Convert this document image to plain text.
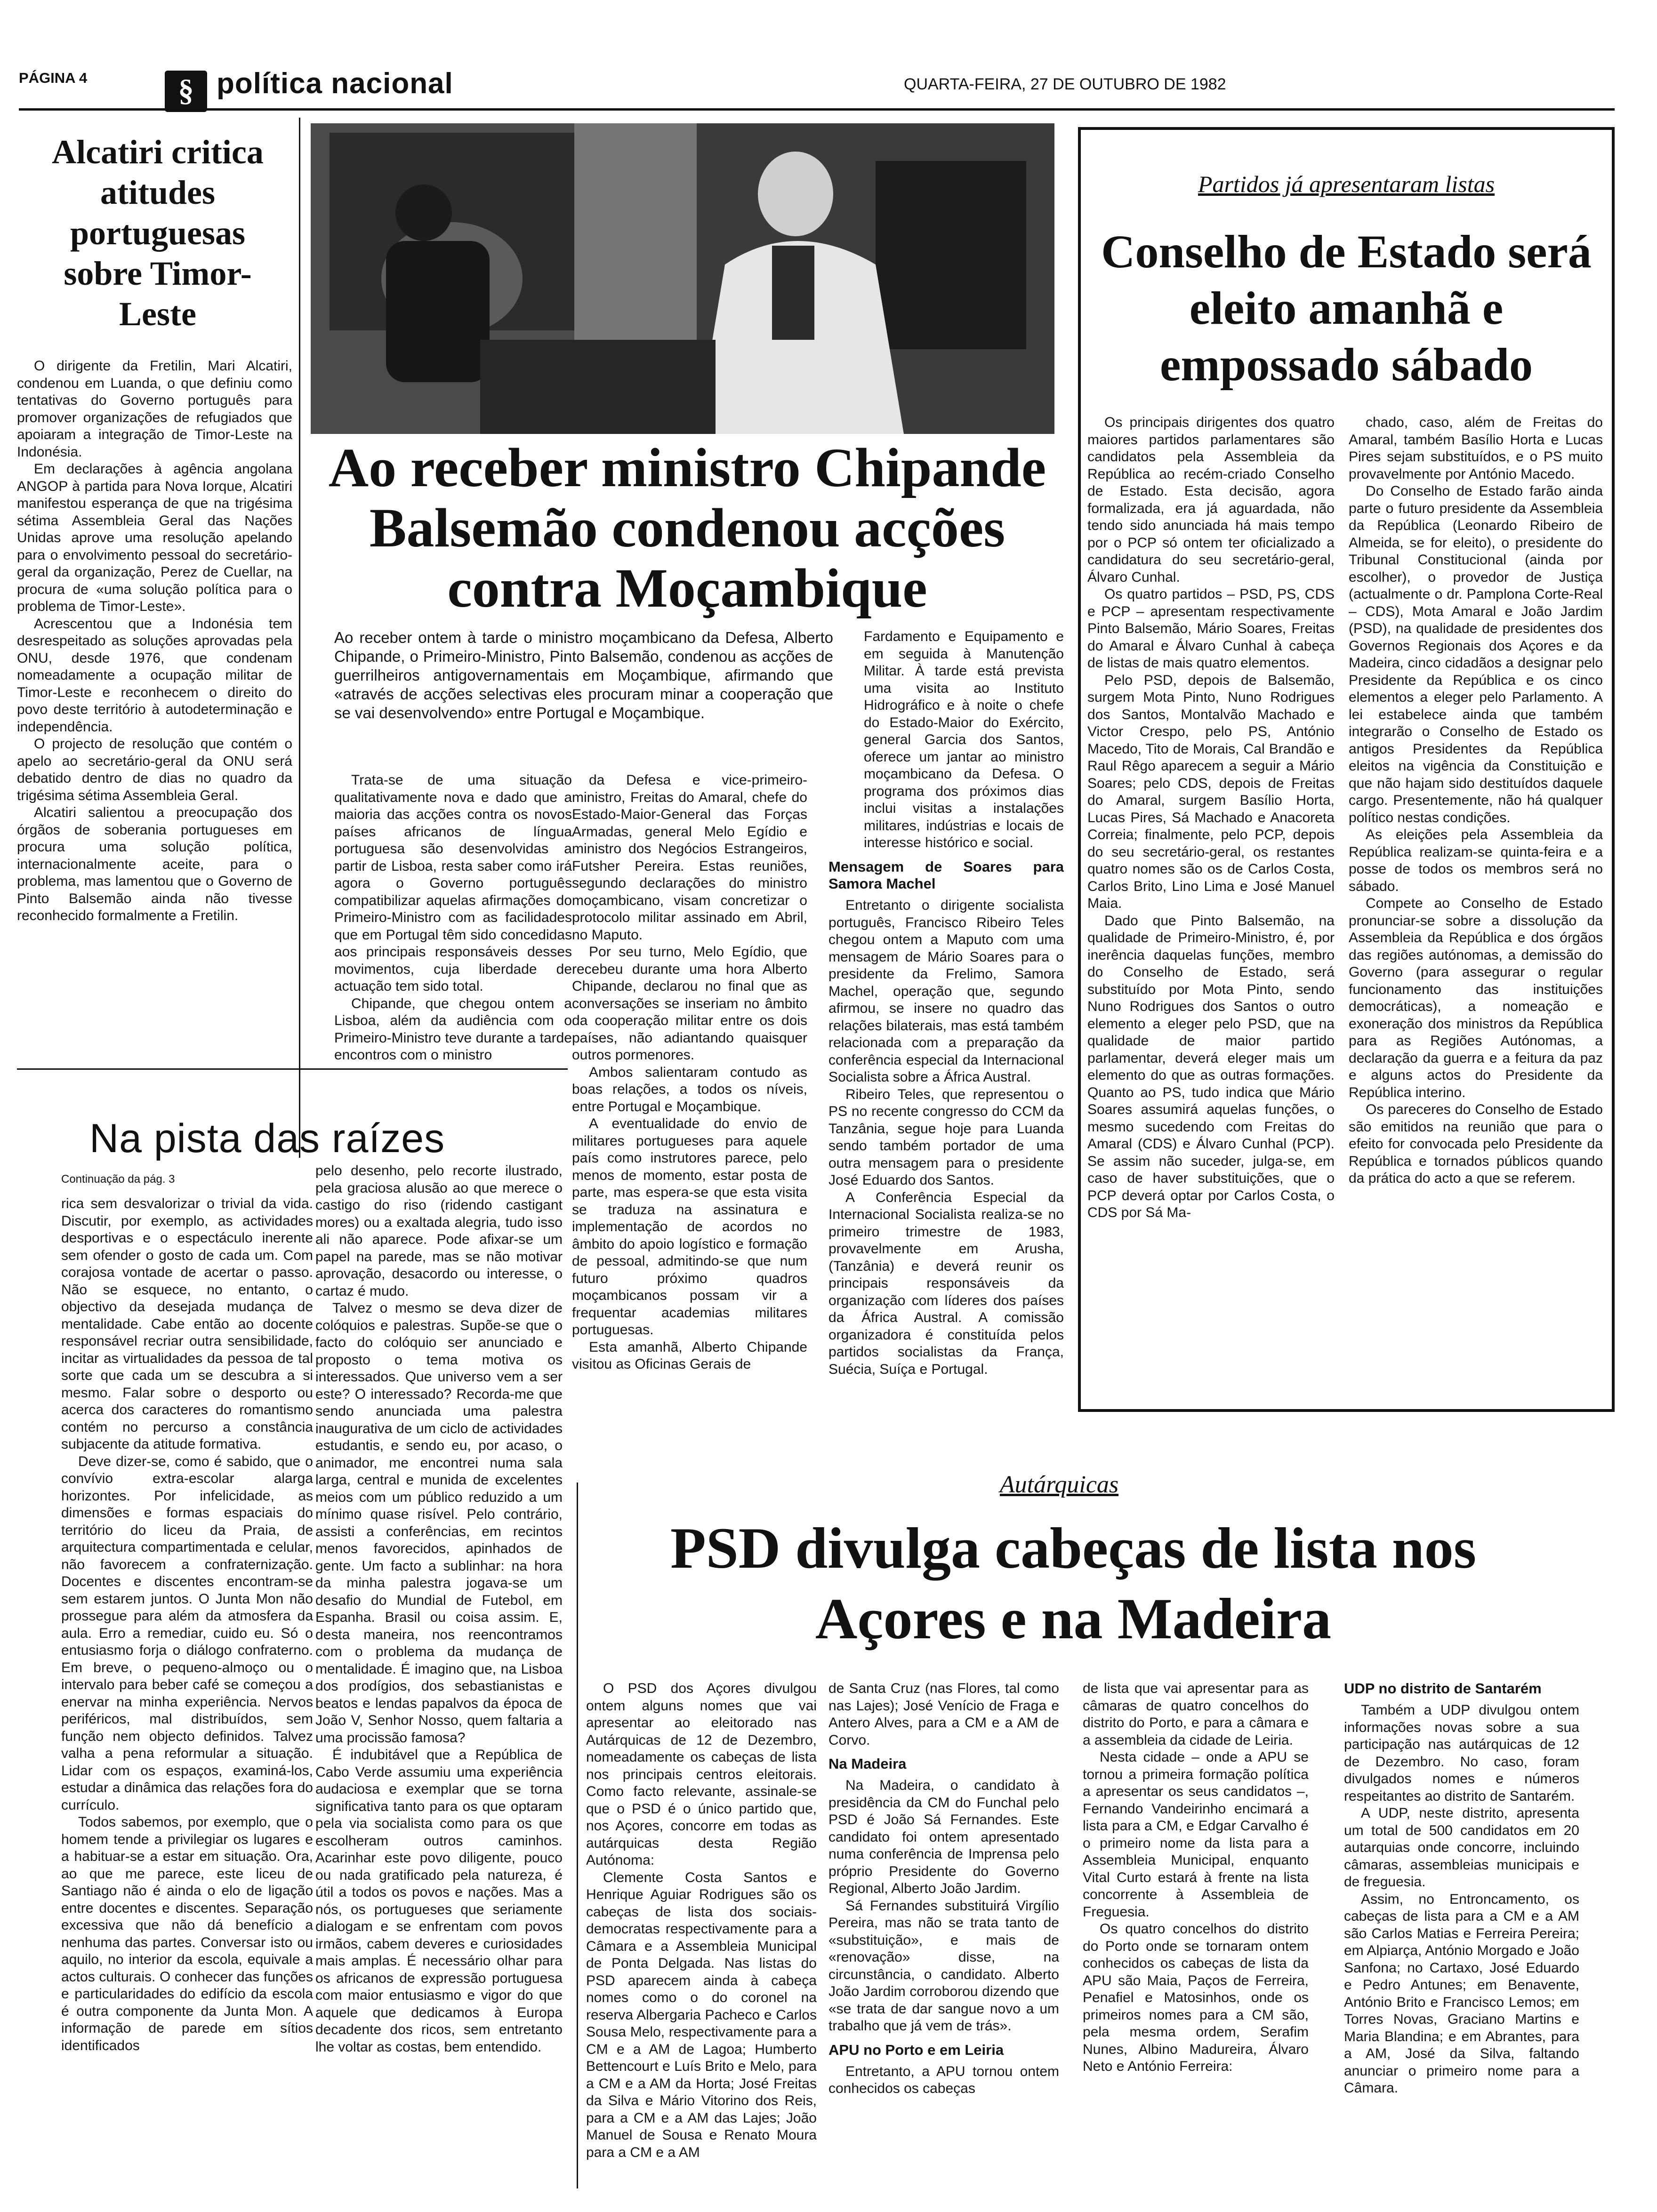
PÁGINA 4	§ política nacional	QUARTA-FEIRA, 27 DE OUTUBRO DE 1982
Alcatiri critica atitudes portuguesas sobre Timor-Leste

O dirigente da Fretilin, Mari Alcatiri, condenou em Luanda, o que definiu como tentativas do Governo português para promover organizações de refugiados que apoiaram a integração de Timor-Leste na Indonésia.

Em declarações à agência angolana ANGOP à partida para Nova Iorque, Alcatiri manifestou esperança de que na trigésima sétima Assembleia Geral das Nações Unidas aprove uma resolução apelando para o envolvimento pessoal do secretário-geral da organização, Perez de Cuellar, na procura de «uma solução política para o problema de Timor-Leste».

Acrescentou que a Indonésia tem desrespeitado as soluções aprovadas pela ONU, desde 1976, que condenam nomeadamente a ocupação militar de Timor-Leste e reconhecem o direito do povo deste território à autodeterminação e independência.

O projecto de resolução que contém o apelo ao secretário-geral da ONU será debatido dentro de dias no quadro da trigésima sétima Assembleia Geral.

Alcatiri salientou a preocupação dos órgãos de soberania portugueses em procura uma solução política, internacionalmente aceite, para o problema, mas lamentou que o Governo de Pinto Balsemão ainda não tivesse reconhecido formalmente a Fretilin.

Ao receber ministro Chipande Balsemão condenou acções contra Moçambique
Ao receber ontem à tarde o ministro moçambicano da Defesa, Alberto Chipande, o Primeiro-Ministro, Pinto Balsemão, condenou as acções de guerrilheiros antigovernamentais em Moçambique, afirmando que «através de acções selectivas eles procuram minar a cooperação que se vai desenvolvendo» entre Portugal e Moçambique.
Fardamento e Equipamento e em seguida à Manutenção Militar. À tarde está prevista uma visita ao Instituto Hidrográfico e à noite o chefe do Estado-Maior do Exército, general Garcia dos Santos, oferece um jantar ao ministro moçambicano da Defesa. O programa dos próximos dias inclui visitas a instalações militares, indústrias e locais de interesse histórico e social.

Trata-se de uma situação qualitativamente nova e dado que a maioria das acções contra os novos países africanos de língua portuguesa são desenvolvidas a partir de Lisboa, resta saber como irá agora o Governo português compatibilizar aquelas afirmações do Primeiro-Ministro com as facilidades que em Portugal têm sido concedidas aos principais responsáveis desses movimentos, cuja liberdade de actuação tem sido total.

Chipande, que chegou ontem a Lisboa, além da audiência com o Primeiro-Ministro teve durante a tarde encontros com o ministro

da Defesa e vice-primeiro-ministro, Freitas do Amaral, chefe do Estado-Maior-General das Forças Armadas, general Melo Egídio e ministro dos Negócios Estrangeiros, Futsher Pereira. Estas reuniões, segundo declarações do ministro moçambicano, visam concretizar o protocolo militar assinado em Abril, no Maputo.

Por seu turno, Melo Egídio, que recebeu durante uma hora Alberto Chipande, declarou no final que as conversações se inseriam no âmbito da cooperação militar entre os dois países, não adiantando quaisquer outros pormenores.

Ambos salientaram contudo as boas relações, a todos os níveis, entre Portugal e Moçambique.

A eventualidade do envio de militares portugueses para aquele país como instrutores parece, pelo menos de momento, estar posta de parte, mas espera-se que esta visita se traduza na assinatura e implementação de acordos no âmbito do apoio logístico e formação de pessoal, admitindo-se que num futuro próximo quadros moçambicanos possam vir a frequentar academias militares portuguesas.

Esta amanhã, Alberto Chipande visitou as Oficinas Gerais de

Mensagem de Soares para Samora Machel

Entretanto o dirigente socialista português, Francisco Ribeiro Teles chegou ontem a Maputo com uma mensagem de Mário Soares para o presidente da Frelimo, Samora Machel, operação que, segundo afirmou, se insere no quadro das relações bilaterais, mas está também relacionada com a preparação da conferência especial da Internacional Socialista sobre a África Austral.

Ribeiro Teles, que representou o PS no recente congresso do CCM da Tanzânia, segue hoje para Luanda sendo também portador de uma outra mensagem para o presidente José Eduardo dos Santos.

A Conferência Especial da Internacional Socialista realiza-se no primeiro trimestre de 1983, provavelmente em Arusha, (Tanzânia) e deverá reunir os principais responsáveis da organização com líderes dos países da África Austral. A comissão organizadora é constituída pelos partidos socialistas da França, Suécia, Suíça e Portugal.

Partidos já apresentaram listas
Conselho de Estado será eleito amanhã e empossado sábado

Os principais dirigentes dos quatro maiores partidos parlamentares são candidatos pela Assembleia da República ao recém-criado Conselho de Estado. Esta decisão, agora formalizada, era já aguardada, não tendo sido anunciada há mais tempo por o PCP só ontem ter oficializado a candidatura do seu secretário-geral, Álvaro Cunhal.

Os quatro partidos – PSD, PS, CDS e PCP – apresentam respectivamente Pinto Balsemão, Mário Soares, Freitas do Amaral e Álvaro Cunhal à cabeça de listas de mais quatro elementos.

Pelo PSD, depois de Balsemão, surgem Mota Pinto, Nuno Rodrigues dos Santos, Montalvão Machado e Victor Crespo, pelo PS, António Macedo, Tito de Morais, Cal Brandão e Raul Rêgo aparecem a seguir a Mário Soares; pelo CDS, depois de Freitas do Amaral, surgem Basílio Horta, Lucas Pires, Sá Machado e Anacoreta Correia; finalmente, pelo PCP, depois do seu secretário-geral, os restantes quatro nomes são os de Carlos Costa, Carlos Brito, Lino Lima e José Manuel Maia.

Dado que Pinto Balsemão, na qualidade de Primeiro-Ministro, é, por inerência daquelas funções, membro do Conselho de Estado, será substituído por Mota Pinto, sendo Nuno Rodrigues dos Santos o outro elemento a eleger pelo PSD, que na qualidade de maior partido parlamentar, deverá eleger mais um elemento do que as outras formações. Quanto ao PS, tudo indica que Mário Soares assumirá aquelas funções, o mesmo sucedendo com Freitas do Amaral (CDS) e Álvaro Cunhal (PCP). Se assim não suceder, julga-se, em caso de haver substituições, que o PCP deverá optar por Carlos Costa, o CDS por Sá Ma-

chado, caso, além de Freitas do Amaral, também Basílio Horta e Lucas Pires sejam substituídos, e o PS muito provavelmente por António Macedo.

Do Conselho de Estado farão ainda parte o futuro presidente da Assembleia da República (Leonardo Ribeiro de Almeida, se for eleito), o presidente do Tribunal Constitucional (ainda por escolher), o provedor de Justiça (actualmente o dr. Pamplona Corte-Real – CDS), Mota Amaral e João Jardim (PSD), na qualidade de presidentes dos Governos Regionais dos Açores e da Madeira, cinco cidadãos a designar pelo Presidente da República e os cinco elementos a eleger pelo Parlamento. A lei estabelece ainda que também integrarão o Conselho de Estado os antigos Presidentes da República eleitos na vigência da Constituição e que não hajam sido destituídos daquele cargo. Presentemente, não há qualquer político nestas condições.

As eleições pela Assembleia da República realizam-se quinta-feira e a posse de todos os membros será no sábado.

Compete ao Conselho de Estado pronunciar-se sobre a dissolução da Assembleia da República e dos órgãos das regiões autónomas, a demissão do Governo (para assegurar o regular funcionamento das instituições democráticas), a nomeação e exoneração dos ministros da República para as Regiões Autónomas, a declaração da guerra e a feitura da paz e alguns actos do Presidente da República interino.

Os pareceres do Conselho de Estado são emitidos na reunião que para o efeito for convocada pelo Presidente da República e tornados públicos quando da prática do acto a que se referem.

Na pista das raízes
Continuação da pág. 3

rica sem desvalorizar o trivial da vida. Discutir, por exemplo, as actividades desportivas e o espectáculo inerente sem ofender o gosto de cada um. Com corajosa vontade de acertar o passo. Não se esquece, no entanto, o objectivo da desejada mudança de mentalidade. Cabe então ao docente responsável recriar outra sensibilidade, incitar as virtualidades da pessoa de tal sorte que cada um se descubra a si mesmo. Falar sobre o desporto ou acerca dos caracteres do romantismo contém no percurso a constância subjacente da atitude formativa.

Deve dizer-se, como é sabido, que o convívio extra-escolar alarga horizontes. Por infelicidade, as dimensões e formas espaciais do território do liceu da Praia, de arquitectura compartimentada e celular, não favorecem a confraternização. Docentes e discentes encontram-se sem estarem juntos. O Junta Mon não prossegue para além da atmosfera da aula. Erro a remediar, cuido eu. Só o entusiasmo forja o diálogo confraterno. Em breve, o pequeno-almoço ou o intervalo para beber café se começou a enervar na minha experiência. Nervos periféricos, mal distribuídos, sem função nem objecto definidos. Talvez valha a pena reformular a situação. Lidar com os espaços, examiná-los, estudar a dinâmica das relações fora do currículo.

Todos sabemos, por exemplo, que o homem tende a privilegiar os lugares e a habituar-se a estar em situação. Ora, ao que me parece, este liceu de Santiago não é ainda o elo de ligação entre docentes e discentes. Separação excessiva que não dá benefício a nenhuma das partes. Conversar isto ou aquilo, no interior da escola, equivale a actos culturais. O conhecer das funções e particularidades do edifício da escola é outra componente da Junta Mon. A informação de parede em sítios identificados

pelo desenho, pelo recorte ilustrado, pela graciosa alusão ao que merece o castigo do riso (ridendo castigant mores) ou a exaltada alegria, tudo isso ali não aparece. Pode afixar-se um papel na parede, mas se não motivar aprovação, desacordo ou interesse, o cartaz é mudo.

Talvez o mesmo se deva dizer de colóquios e palestras. Supõe-se que o facto do colóquio ser anunciado e proposto o tema motiva os interessados. Que universo vem a ser este? O interessado? Recorda-me que sendo anunciada uma palestra inaugurativa de um ciclo de actividades estudantis, e sendo eu, por acaso, o animador, me encontrei numa sala larga, central e munida de excelentes meios com um público reduzido a um mínimo quase risível. Pelo contrário, assisti a conferências, em recintos menos favorecidos, apinhados de gente. Um facto a sublinhar: na hora da minha palestra jogava-se um desafio do Mundial de Futebol, em Espanha. Brasil ou coisa assim. E, desta maneira, nos reencontramos com o problema da mudança de mentalidade. É imagino que, na Lisboa dos prodígios, dos sebastianistas e beatos e lendas papalvos da época de João V, Senhor Nosso, quem faltaria a uma procissão famosa?

É indubitável que a República de Cabo Verde assumiu uma experiência audaciosa e exemplar que se torna significativa tanto para os que optaram pela via socialista como para os que escolheram outros caminhos. Acarinhar este povo diligente, pouco ou nada gratificado pela natureza, é útil a todos os povos e nações. Mas a nós, os portugueses que seriamente dialogam e se enfrentam com povos irmãos, cabem deveres e curiosidades mais amplas. É necessário olhar para os africanos de expressão portuguesa com maior entusiasmo e vigor do que aquele que dedicamos à Europa decadente dos ricos, sem entretanto lhe voltar as costas, bem entendido.

Autárquicas
PSD divulga cabeças de lista nos Açores e na Madeira

O PSD dos Açores divulgou ontem alguns nomes que vai apresentar ao eleitorado nas Autárquicas de 12 de Dezembro, nomeadamente os cabeças de lista nos principais centros eleitorais. Como facto relevante, assinale-se que o PSD é o único partido que, nos Açores, concorre em todas as autárquicas desta Região Autónoma:

Clemente Costa Santos e Henrique Aguiar Rodrigues são os cabeças de lista dos sociais-democratas respectivamente para a Câmara e a Assembleia Municipal de Ponta Delgada. Nas listas do PSD aparecem ainda à cabeça nomes como o do coronel na reserva Albergaria Pacheco e Carlos Sousa Melo, respectivamente para a CM e a AM de Lagoa; Humberto Bettencourt e Luís Brito e Melo, para a CM e a AM da Horta; José Freitas da Silva e Mário Vitorino dos Reis, para a CM e a AM das Lajes; João Manuel de Sousa e Renato Moura para a CM e a AM

de Santa Cruz (nas Flores, tal como nas Lajes); José Venício de Fraga e Antero Alves, para a CM e a AM de Corvo.

Na Madeira

Na Madeira, o candidato à presidência da CM do Funchal pelo PSD é João Sá Fernandes. Este candidato foi ontem apresentado numa conferência de Imprensa pelo próprio Presidente do Governo Regional, Alberto João Jardim.

Sá Fernandes substituirá Virgílio Pereira, mas não se trata tanto de «substituição», e mais de «renovação» disse, na circunstância, o candidato. Alberto João Jardim corroborou dizendo que «se trata de dar sangue novo a um trabalho que já vem de trás».

APU no Porto e em Leiria

Entretanto, a APU tornou ontem conhecidos os cabeças

de lista que vai apresentar para as câmaras de quatro concelhos do distrito do Porto, e para a câmara e a assembleia da cidade de Leiria.

Nesta cidade – onde a APU se tornou a primeira formação política a apresentar os seus candidatos –, Fernando Vandeirinho encimará a lista para a CM, e Edgar Carvalho é o primeiro nome da lista para a Assembleia Municipal, enquanto Vital Curto estará à frente na lista concorrente à Assembleia de Freguesia.

Os quatro concelhos do distrito do Porto onde se tornaram ontem conhecidos os cabeças de lista da APU são Maia, Paços de Ferreira, Penafiel e Matosinhos, onde os primeiros nomes para a CM são, pela mesma ordem, Serafim Nunes, Albino Madureira, Álvaro Neto e António Ferreira:

UDP no distrito de Santarém

Também a UDP divulgou ontem informações novas sobre a sua participação nas autárquicas de 12 de Dezembro. No caso, foram divulgados nomes e números respeitantes ao distrito de Santarém.

A UDP, neste distrito, apresenta um total de 500 candidatos em 20 autarquias onde concorre, incluindo câmaras, assembleias municipais e de freguesia.

Assim, no Entroncamento, os cabeças de lista para a CM e a AM são Carlos Matias e Ferreira Pereira; em Alpiarça, António Morgado e João Sanfona; no Cartaxo, José Eduardo e Pedro Antunes; em Benavente, António Brito e Francisco Lemos; em Torres Novas, Graciano Martins e Maria Blandina; e em Abrantes, para a AM, José da Silva, faltando anunciar o primeiro nome para a Câmara.
